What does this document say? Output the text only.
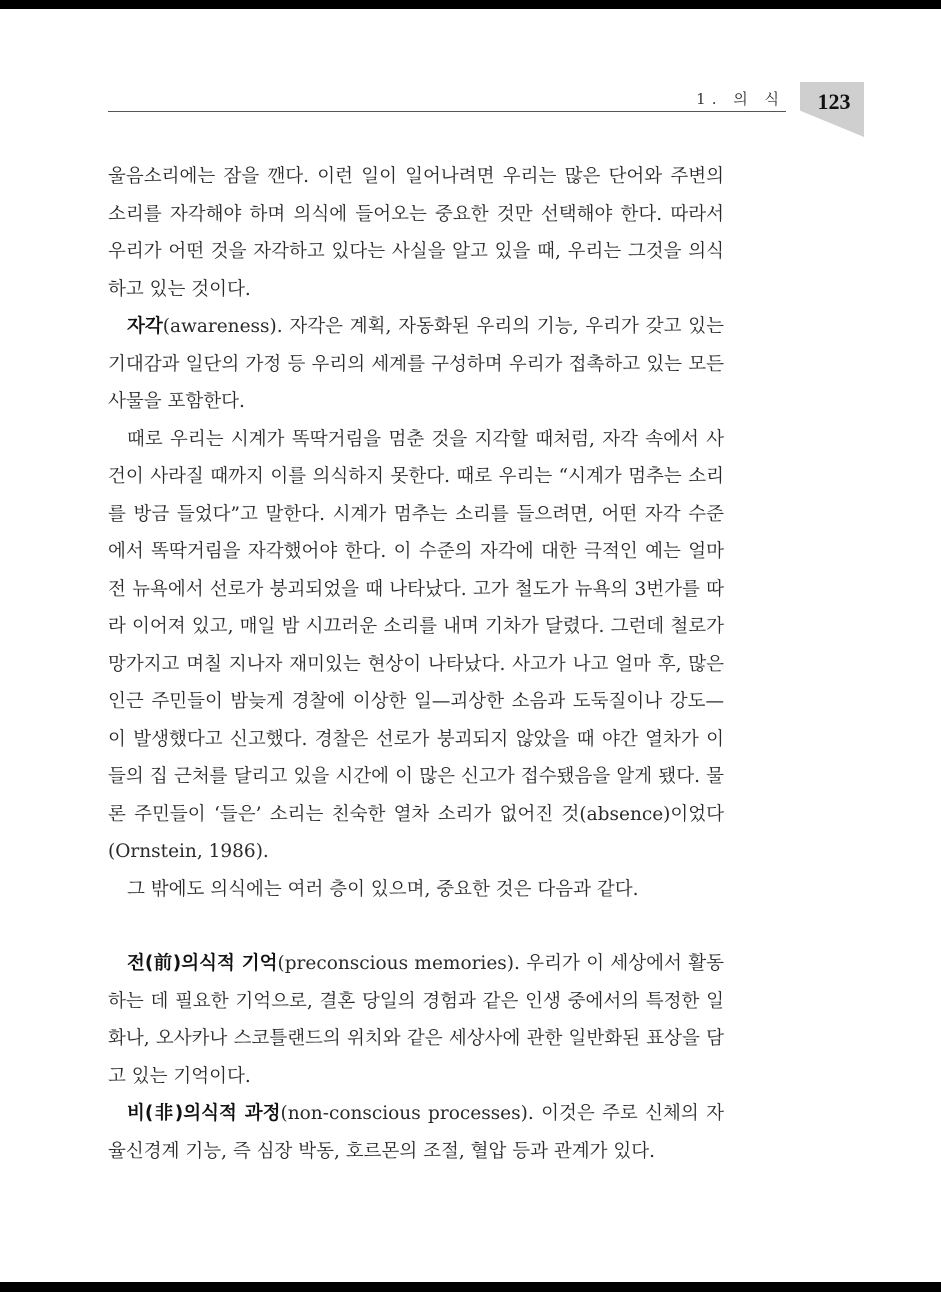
1. 의 식	123

울음소리에는 잠을 깬다. 이런 일이 일어나려면 우리는 많은 단어와 주변의 소리를 자각해야 하며 의식에 들어오는 중요한 것만 선택해야 한다. 따라서 우리가 어떤 것을 자각하고 있다는 사실을 알고 있을 때, 우리는 그것을 의식하고 있는 것이다.

자각(awareness). 자각은 계획, 자동화된 우리의 기능, 우리가 갖고 있는 기대감과 일단의 가정 등 우리의 세계를 구성하며 우리가 접촉하고 있는 모든 사물을 포함한다.

때로 우리는 시계가 똑딱거림을 멈춘 것을 지각할 때처럼, 자각 속에서 사건이 사라질 때까지 이를 의식하지 못한다. 때로 우리는 “시계가 멈추는 소리를 방금 들었다”고 말한다. 시계가 멈추는 소리를 들으려면, 어떤 자각 수준에서 똑딱거림을 자각했어야 한다. 이 수준의 자각에 대한 극적인 예는 얼마 전 뉴욕에서 선로가 붕괴되었을 때 나타났다. 고가 철도가 뉴욕의 3번가를 따라 이어져 있고, 매일 밤 시끄러운 소리를 내며 기차가 달렸다. 그런데 철로가 망가지고 며칠 지나자 재미있는 현상이 나타났다. 사고가 나고 얼마 후, 많은 인근 주민들이 밤늦게 경찰에 이상한 일—괴상한 소음과 도둑질이나 강도—이 발생했다고 신고했다. 경찰은 선로가 붕괴되지 않았을 때 야간 열차가 이들의 집 근처를 달리고 있을 시간에 이 많은 신고가 접수됐음을 알게 됐다. 물론 주민들이 ‘들은’ 소리는 친숙한 열차 소리가 없어진 것(absence)이었다(Ornstein, 1986).

그 밖에도 의식에는 여러 층이 있으며, 중요한 것은 다음과 같다.

전(前)의식적 기억(preconscious memories). 우리가 이 세상에서 활동하는 데 필요한 기억으로, 결혼 당일의 경험과 같은 인생 중에서의 특정한 일화나, 오사카나 스코틀랜드의 위치와 같은 세상사에 관한 일반화된 표상을 담고 있는 기억이다.

비(非)의식적 과정(non-conscious processes). 이것은 주로 신체의 자율신경계 기능, 즉 심장 박동, 호르몬의 조절, 혈압 등과 관계가 있다.
